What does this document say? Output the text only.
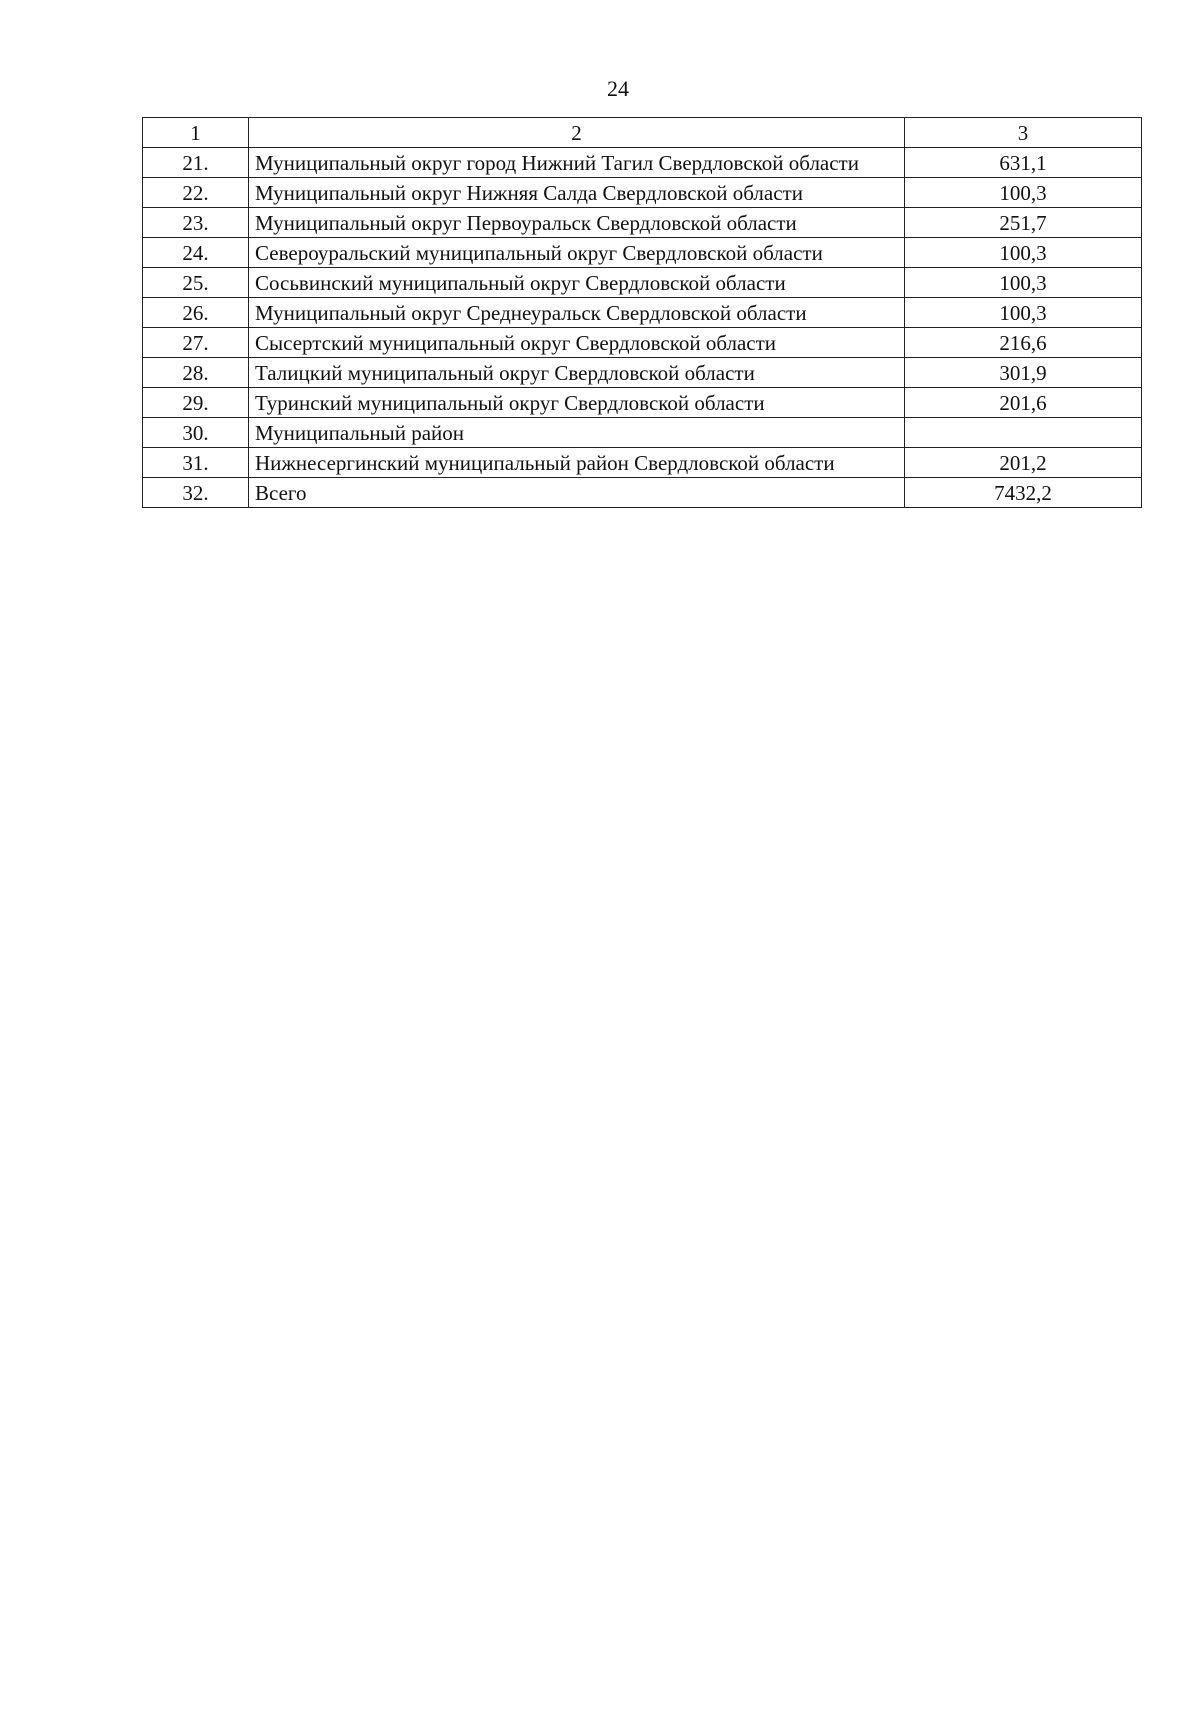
24
1	2	3
21.	Муниципальный округ город Нижний Тагил Свердловской области	631,1
22.	Муниципальный округ Нижняя Салда Свердловской области	100,3
23.	Муниципальный округ Первоуральск Свердловской области	251,7
24.	Североуральский муниципальный округ Свердловской области	100,3
25.	Сосьвинский муниципальный округ Свердловской области	100,3
26.	Муниципальный округ Среднеуральск Свердловской области	100,3
27.	Сысертский муниципальный округ Свердловской области	216,6
28.	Талицкий муниципальный округ Свердловской области	301,9
29.	Туринский муниципальный округ Свердловской области	201,6
30.	Муниципальный район	
31.	Нижнесергинский муниципальный район Свердловской области	201,2
32.	Всего	7432,2
